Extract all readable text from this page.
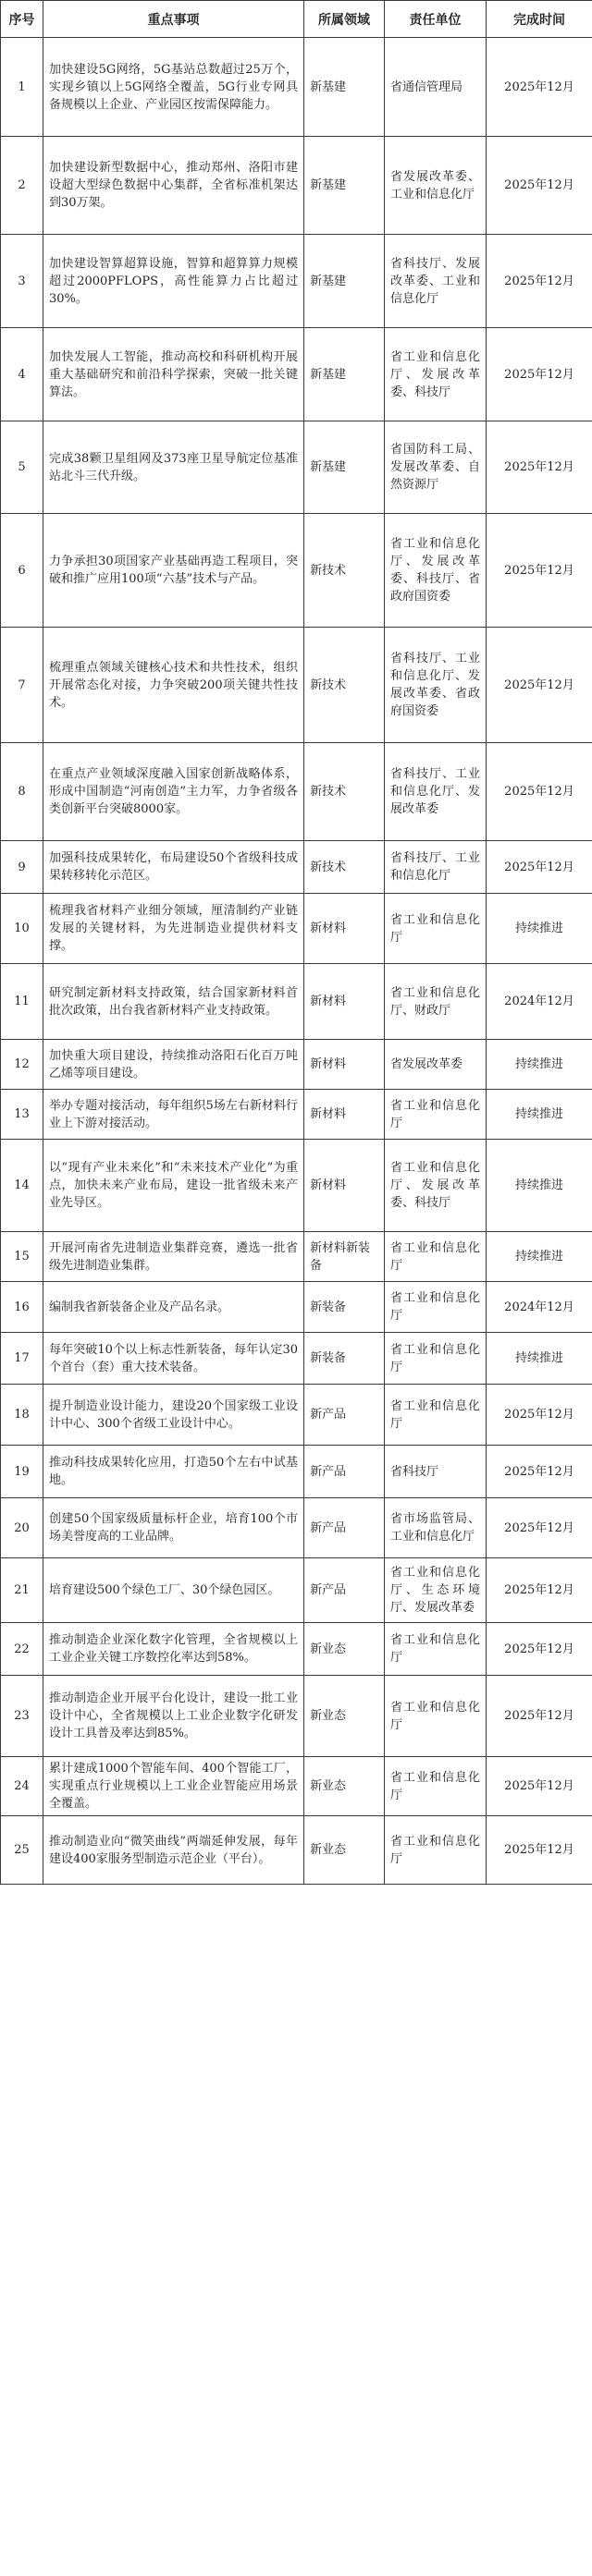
序号	重点事项	所属领域	责任单位	完成时间
1	加快建设5G网络，5G基站总数超过25万个，实现乡镇以上5G网络全覆盖，5G行业专网具备规模以上企业、产业园区按需保障能力。	新基建	省通信管理局	2025年12月
2	加快建设新型数据中心，推动郑州、洛阳市建设超大型绿色数据中心集群，全省标准机架达到30万架。	新基建	省发展改革委、工业和信息化厅	2025年12月
3	加快建设智算超算设施，智算和超算算力规模超过2000PFLOPS，高性能算力占比超过30%。	新基建	省科技厅、发展改革委、工业和信息化厅	2025年12月
4	加快发展人工智能，推动高校和科研机构开展重大基础研究和前沿科学探索，突破一批关键算法。	新基建	省工业和信息化厅、发展改革委、科技厅	2025年12月
5	完成38颗卫星组网及373座卫星导航定位基准站北斗三代升级。	新基建	省国防科工局、发展改革委、自然资源厅	2025年12月
6	力争承担30项国家产业基础再造工程项目，突破和推广应用100项“六基”技术与产品。	新技术	省工业和信息化厅、发展改革委、科技厅、省政府国资委	2025年12月
7	梳理重点领域关键核心技术和共性技术，组织开展常态化对接，力争突破200项关键共性技术。	新技术	省科技厅、工业和信息化厅、发展改革委、省政府国资委	2025年12月
8	在重点产业领域深度融入国家创新战略体系，形成中国制造“河南创造”主力军，力争省级各类创新平台突破8000家。	新技术	省科技厅、工业和信息化厅、发展改革委	2025年12月
9	加强科技成果转化，布局建设50个省级科技成果转移转化示范区。	新技术	省科技厅、工业和信息化厅	2025年12月
10	梳理我省材料产业细分领域，厘清制约产业链发展的关键材料，为先进制造业提供材料支撑。	新材料	省工业和信息化厅	持续推进
11	研究制定新材料支持政策，结合国家新材料首批次政策，出台我省新材料产业支持政策。	新材料	省工业和信息化厅、财政厅	2024年12月
12	加快重大项目建设，持续推动洛阳石化百万吨乙烯等项目建设。	新材料	省发展改革委	持续推进
13	举办专题对接活动，每年组织5场左右新材料行业上下游对接活动。	新材料	省工业和信息化厅	持续推进
14	以“现有产业未来化”和“未来技术产业化”为重点，加快未来产业布局，建设一批省级未来产业先导区。	新材料	省工业和信息化厅、发展改革委、科技厅	持续推进
15	开展河南省先进制造业集群竞赛，遴选一批省级先进制造业集群。	新材料新装备	省工业和信息化厅	持续推进
16	编制我省新装备企业及产品名录。	新装备	省工业和信息化厅	2024年12月
17	每年突破10个以上标志性新装备，每年认定30个首台（套）重大技术装备。	新装备	省工业和信息化厅	持续推进
18	提升制造业设计能力，建设20个国家级工业设计中心、300个省级工业设计中心。	新产品	省工业和信息化厅	2025年12月
19	推动科技成果转化应用，打造50个左右中试基地。	新产品	省科技厅	2025年12月
20	创建50个国家级质量标杆企业，培育100个市场美誉度高的工业品牌。	新产品	省市场监管局、工业和信息化厅	2025年12月
21	培育建设500个绿色工厂、30个绿色园区。	新产品	省工业和信息化厅、生态环境厅、发展改革委	2025年12月
22	推动制造企业深化数字化管理，全省规模以上工业企业关键工序数控化率达到58%。	新业态	省工业和信息化厅	2025年12月
23	推动制造企业开展平台化设计，建设一批工业设计中心，全省规模以上工业企业数字化研发设计工具普及率达到85%。	新业态	省工业和信息化厅	2025年12月
24	累计建成1000个智能车间、400个智能工厂，实现重点行业规模以上工业企业智能应用场景全覆盖。	新业态	省工业和信息化厅	2025年12月
25	推动制造业向“微笑曲线”两端延伸发展，每年建设400家服务型制造示范企业（平台）。	新业态	省工业和信息化厅	2025年12月
